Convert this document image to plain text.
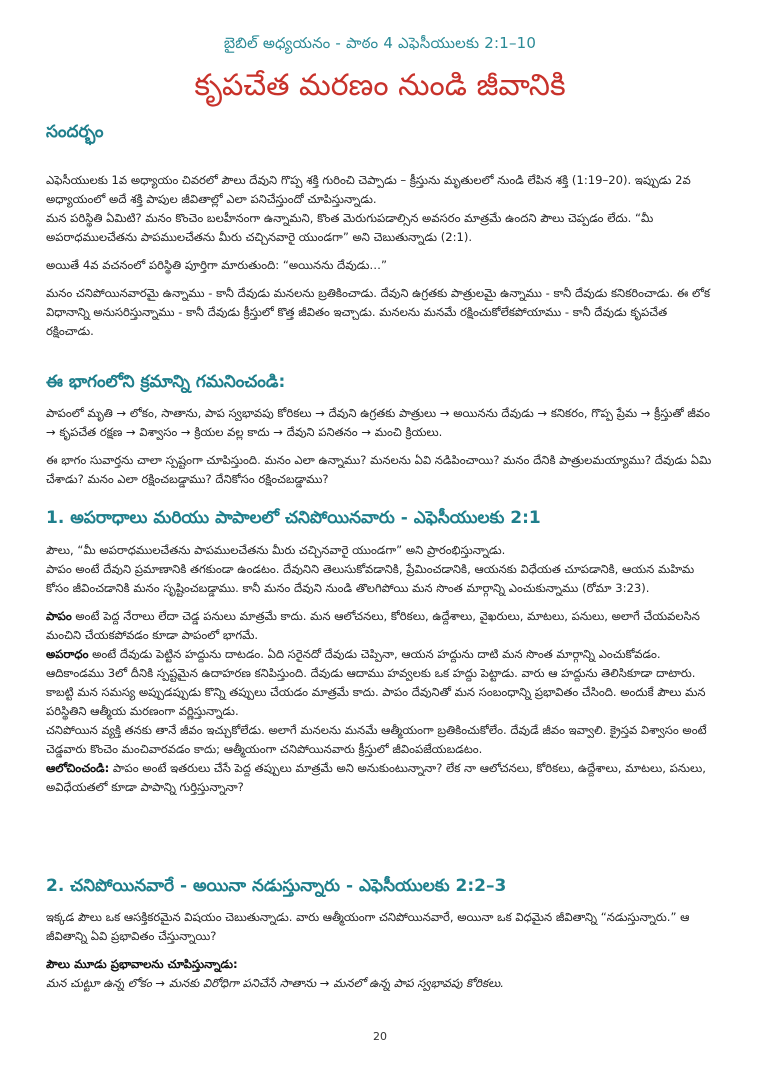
బైబిల్ అధ్యయనం - పాఠం 4 ఎఫెసీయులకు 2:1–10
కృపచేత మరణం నుండి జీవానికి
సందర్భం

ఎఫెసీయులకు 1వ అధ్యాయం చివరలో పౌలు దేవుని గొప్ప శక్తి గురించి చెప్పాడు – క్రీస్తును మృతులలో నుండి లేపిన శక్తి (1:19–20). ఇప్పుడు 2వ అధ్యాయంలో అదే శక్తి పాపుల జీవితాల్లో ఎలా పనిచేస్తుందో చూపిస్తున్నాడు.

మన పరిస్థితి ఏమిటి? మనం కొంచెం బలహీనంగా ఉన్నామని, కొంత మెరుగుపడాల్సిన అవసరం మాత్రమే ఉందని పౌలు చెప్పడం లేదు. “మీ అపరాధములచేతను పాపములచేతను మీరు చచ్చినవారై యుండగా” అని చెబుతున్నాడు (2:1).

అయితే 4వ వచనంలో పరిస్థితి పూర్తిగా మారుతుంది: “అయినను దేవుడు…”

మనం చనిపోయినవారమై ఉన్నాము - కానీ దేవుడు మనలను బ్రతికించాడు. దేవుని ఉగ్రతకు పాత్రులమై ఉన్నాము - కానీ దేవుడు కనికరించాడు. ఈ లోక విధానాన్ని అనుసరిస్తున్నాము - కానీ దేవుడు క్రీస్తులో కొత్త జీవితం ఇచ్చాడు. మనలను మనమే రక్షించుకోలేకపోయాము - కానీ దేవుడు కృపచేత రక్షించాడు.

ఈ భాగంలోని క్రమాన్ని గమనించండి:

పాపంలో మృతి → లోకం, సాతాను, పాప స్వభావపు కోరికలు → దేవుని ఉగ్రతకు పాత్రులు → అయినను దేవుడు → కనికరం, గొప్ప ప్రేమ → క్రీస్తుతో జీవం → కృపచేత రక్షణ → విశ్వాసం → క్రియల వల్ల కాదు → దేవుని పనితనం → మంచి క్రియలు.

ఈ భాగం సువార్తను చాలా స్పష్టంగా చూపిస్తుంది. మనం ఎలా ఉన్నాము? మనలను ఏవి నడిపించాయి? మనం దేనికి పాత్రులమయ్యాము? దేవుడు ఏమి చేశాడు? మనం ఎలా రక్షించబడ్డాము? దేనికోసం రక్షించబడ్డాము?

1. అపరాధాలు మరియు పాపాలలో చనిపోయినవారు - ఎఫెసీయులకు 2:1

పౌలు, “మీ అపరాధములచేతను పాపములచేతను మీరు చచ్చినవారై యుండగా” అని ప్రారంభిస్తున్నాడు.

పాపం అంటే దేవుని ప్రమాణానికి తగకుండా ఉండటం. దేవునిని తెలుసుకోవడానికి, ప్రేమించడానికి, ఆయనకు విధేయత చూపడానికి, ఆయన మహిమ కోసం జీవించడానికి మనం సృష్టించబడ్డాము. కానీ మనం దేవుని నుండి తొలగిపోయి మన సొంత మార్గాన్ని ఎంచుకున్నాము (రోమా 3:23).

పాపం అంటే పెద్ద నేరాలు లేదా చెడ్డ పనులు మాత్రమే కాదు. మన ఆలోచనలు, కోరికలు, ఉద్దేశాలు, వైఖరులు, మాటలు, పనులు, అలాగే చేయవలసిన మంచిని చేయకపోవడం కూడా పాపంలో భాగమే.

అపరాధం అంటే దేవుడు పెట్టిన హద్దును దాటడం. ఏది సరైనదో దేవుడు చెప్పినా, ఆయన హద్దును దాటి మన సొంత మార్గాన్ని ఎంచుకోవడం. ఆదికాండము 3లో దీనికి స్పష్టమైన ఉదాహరణ కనిపిస్తుంది. దేవుడు ఆదాము హవ్వలకు ఒక హద్దు పెట్టాడు. వారు ఆ హద్దును తెలిసికూడా దాటారు.

కాబట్టి మన సమస్య అప్పుడప్పుడు కొన్ని తప్పులు చేయడం మాత్రమే కాదు. పాపం దేవునితో మన సంబంధాన్ని ప్రభావితం చేసింది. అందుకే పౌలు మన పరిస్థితిని ఆత్మీయ మరణంగా వర్ణిస్తున్నాడు.

చనిపోయిన వ్యక్తి తనకు తానే జీవం ఇచ్చుకోలేడు. అలాగే మనలను మనమే ఆత్మీయంగా బ్రతికించుకోలేం. దేవుడే జీవం ఇవ్వాలి. క్రైస్తవ విశ్వాసం అంటే చెడ్డవారు కొంచెం మంచివారవడం కాదు; ఆత్మీయంగా చనిపోయినవారు క్రీస్తులో జీవింపజేయబడటం.

ఆలోచించండి: పాపం అంటే ఇతరులు చేసే పెద్ద తప్పులు మాత్రమే అని అనుకుంటున్నానా? లేక నా ఆలోచనలు, కోరికలు, ఉద్దేశాలు, మాటలు, పనులు, అవిధేయతలో కూడా పాపాన్ని గుర్తిస్తున్నానా?

2. చనిపోయినవారే - అయినా నడుస్తున్నారు - ఎఫెసీయులకు 2:2–3

ఇక్కడ పౌలు ఒక ఆసక్తికరమైన విషయం చెబుతున్నాడు. వారు ఆత్మీయంగా చనిపోయినవారే, అయినా ఒక విధమైన జీవితాన్ని “నడుస్తున్నారు.” ఆ జీవితాన్ని ఏవి ప్రభావితం చేస్తున్నాయి?

పౌలు మూడు ప్రభావాలను చూపిస్తున్నాడు:

మన చుట్టూ ఉన్న లోకం → మనకు విరోధిగా పనిచేసే సాతాను → మనలో ఉన్న పాప స్వభావపు కోరికలు.

20
